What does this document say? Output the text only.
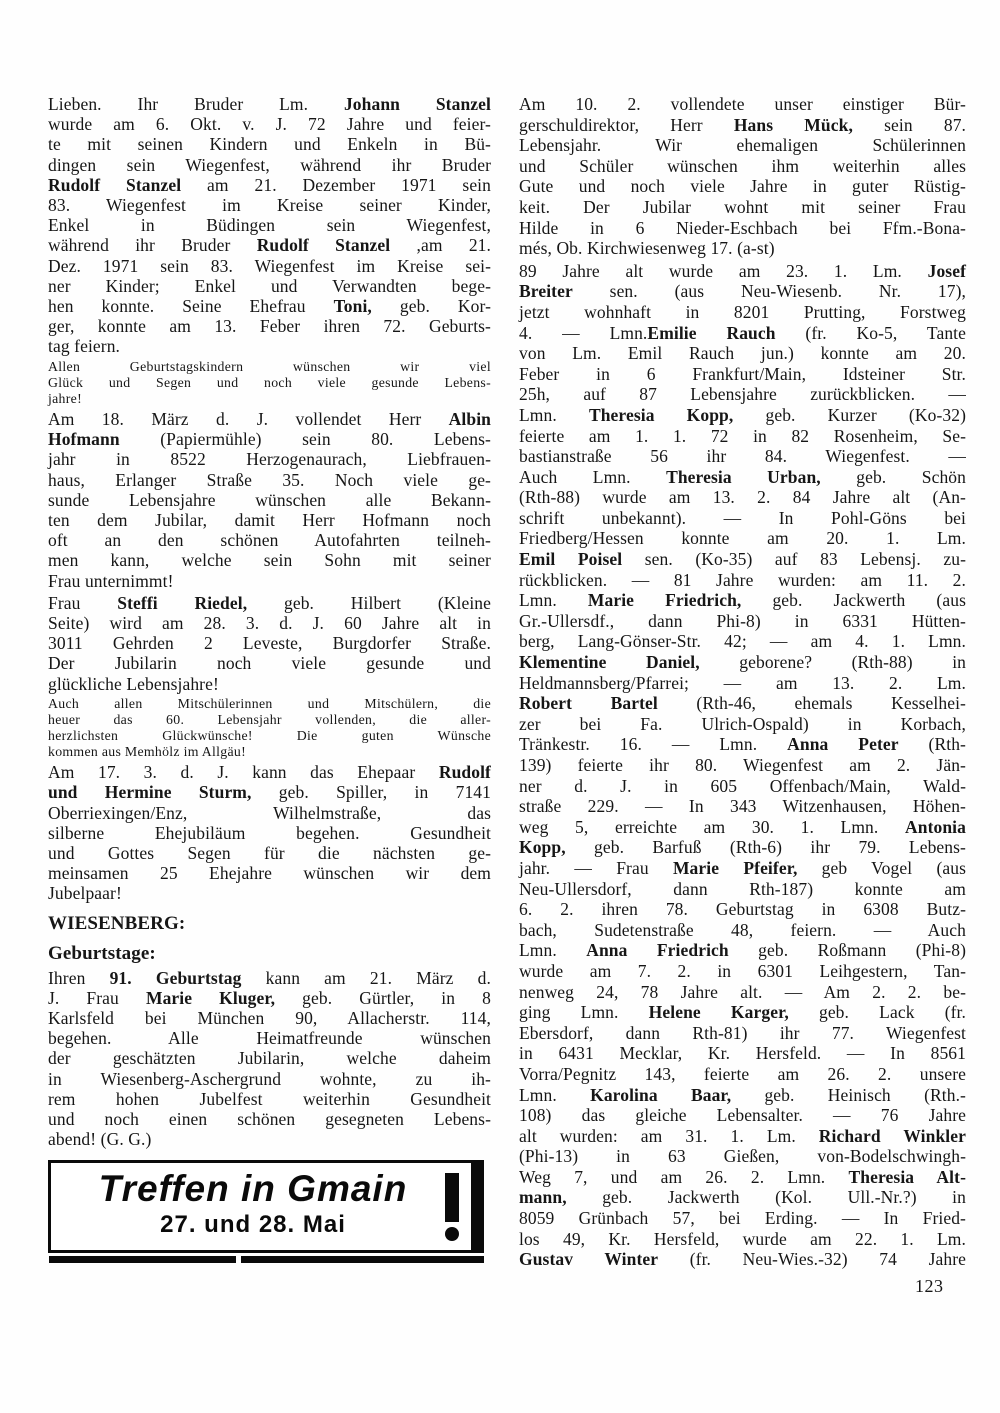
Lieben. Ihr Bruder Lm. Johann Stanzel
wurde am 6. Okt. v. J. 72 Jahre und feier-
te mit seinen Kindern und Enkeln in Bü-
dingen sein Wiegenfest, während ihr Bruder
Rudolf Stanzel am 21. Dezember 1971 sein
83. Wiegenfest im Kreise seiner Kinder,
Enkel in Büdingen sein Wiegenfest,
während ihr Bruder Rudolf Stanzel ,am 21.
Dez. 1971 sein 83. Wiegenfest im Kreise sei-
ner Kinder; Enkel und Verwandten bege-
hen konnte. Seine Ehefrau Toni, geb. Kor-
ger, konnte am 13. Feber ihren 72. Geburts-
tag feiern.
Allen Geburtstagskindern wünschen wir viel
Glück und Segen und noch viele gesunde Lebens-
jahre!
Am 18. März d. J. vollendet Herr Albin
Hofmann (Papiermühle) sein 80. Lebens-
jahr in 8522 Herzogenaurach, Liebfrauen-
haus, Erlanger Straße 35. Noch viele ge-
sunde Lebensjahre wünschen alle Bekann-
ten dem Jubilar, damit Herr Hofmann noch
oft an den schönen Autofahrten teilneh-
men kann, welche sein Sohn mit seiner
Frau unternimmt!
Frau Steffi Riedel, geb. Hilbert (Kleine
Seite) wird am 28. 3. d. J. 60 Jahre alt in
3011 Gehrden 2 Leveste, Burgdorfer Straße.
Der Jubilarin noch viele gesunde und
glückliche Lebensjahre!
Auch allen Mitschülerinnen und Mitschülern, die
heuer das 60. Lebensjahr vollenden, die aller-
herzlichsten Glückwünsche! Die guten Wünsche
kommen aus Memhölz im Allgäu!
Am 17. 3. d. J. kann das Ehepaar Rudolf
und Hermine Sturm, geb. Spiller, in 7141
Oberriexingen/Enz, Wilhelmstraße, das
silberne Ehejubiläum begehen. Gesundheit
und Gottes Segen für die nächsten ge-
meinsamen 25 Ehejahre wünschen wir dem
Jubelpaar!
WIESENBERG:
Geburtstage:
Ihren 91. Geburtstag kann am 21. März d.
J. Frau Marie Kluger, geb. Gürtler, in 8
Karlsfeld bei München 90, Allacherstr. 114,
begehen. Alle Heimatfreunde wünschen
der geschätzten Jubilarin, welche daheim
in Wiesenberg-Aschergrund wohnte, zu ih-
rem hohen Jubelfest weiterhin Gesundheit
und noch einen schönen gesegneten Lebens-
abend! (G. G.)
Am 10. 2. vollendete unser einstiger Bür-
gerschuldirektor, Herr Hans Mück, sein 87.
Lebensjahr. Wir ehemaligen Schülerinnen
und Schüler wünschen ihm weiterhin alles
Gute und noch viele Jahre in guter Rüstig-
keit. Der Jubilar wohnt mit seiner Frau
Hilde in 6 Nieder-Eschbach bei Ffm.-Bona-
més, Ob. Kirchwiesenweg 17. (a-st)
89 Jahre alt wurde am 23. 1. Lm. Josef
Breiter sen. (aus Neu-Wiesenb. Nr. 17),
jetzt wohnhaft in 8201 Prutting, Forstweg
4. — Lmn.Emilie Rauch (fr. Ko-5, Tante
von Lm. Emil Rauch jun.) konnte am 20.
Feber in 6 Frankfurt/Main, Idsteiner Str.
25h, auf 87 Lebensjahre zurückblicken. —
Lmn. Theresia Kopp, geb. Kurzer (Ko-32)
feierte am 1. 1. 72 in 82 Rosenheim, Se-
bastianstraße 56 ihr 84. Wiegenfest. —
Auch Lmn. Theresia Urban, geb. Schön
(Rth-88) wurde am 13. 2. 84 Jahre alt (An-
schrift unbekannt). — In Pohl-Göns bei
Friedberg/Hessen konnte am 20. 1. Lm.
Emil Poisel sen. (Ko-35) auf 83 Lebensj. zu-
rückblicken. — 81 Jahre wurden: am 11. 2.
Lmn. Marie Friedrich, geb. Jackwerth (aus
Gr.-Ullersdf., dann Phi-8) in 6331 Hütten-
berg, Lang-Gönser-Str. 42; — am 4. 1. Lmn.
Klementine Daniel, geborene? (Rth-88) in
Heldmannsberg/Pfarrei; — am 13. 2. Lm.
Robert Bartel (Rth-46, ehemals Kesselhei-
zer bei Fa. Ulrich-Ospald) in Korbach,
Tränkestr. 16. — Lmn. Anna Peter (Rth-
139) feierte ihr 80. Wiegenfest am 2. Jän-
ner d. J. in 605 Offenbach/Main, Wald-
straße 229. — In 343 Witzenhausen, Höhen-
weg 5, erreichte am 30. 1. Lmn. Antonia
Kopp, geb. Barfuß (Rth-6) ihr 79. Lebens-
jahr. — Frau Marie Pfeifer, geb Vogel (aus
Neu-Ullersdorf, dann Rth-187) konnte am
6. 2. ihren 78. Geburtstag in 6308 Butz-
bach, Sudetenstraße 48, feiern. — Auch
Lmn. Anna Friedrich geb. Roßmann (Phi-8)
wurde am 7. 2. in 6301 Leihgestern, Tan-
nenweg 24, 78 Jahre alt. — Am 2. 2. be-
ging Lmn. Helene Karger, geb. Lack (fr.
Ebersdorf, dann Rth-81) ihr 77. Wiegenfest
in 6431 Mecklar, Kr. Hersfeld. — In 8561
Vorra/Pegnitz 143, feierte am 26. 2. unsere
Lmn. Karolina Baar, geb. Heinisch (Rth.-
108) das gleiche Lebensalter. — 76 Jahre
alt wurden: am 31. 1. Lm. Richard Winkler
(Phi-13) in 63 Gießen, von-Bodelschwingh-
Weg 7, und am 26. 2. Lmn. Theresia Alt-
mann, geb. Jackwerth (Kol. Ull.-Nr.?) in
8059 Grünbach 57, bei Erding. — In Fried-
los 49, Kr. Hersfeld, wurde am 22. 1. Lm.
Gustav Winter (fr. Neu-Wies.-32) 74 Jahre
Treffen in Gmain
27. und 28. Mai
123
